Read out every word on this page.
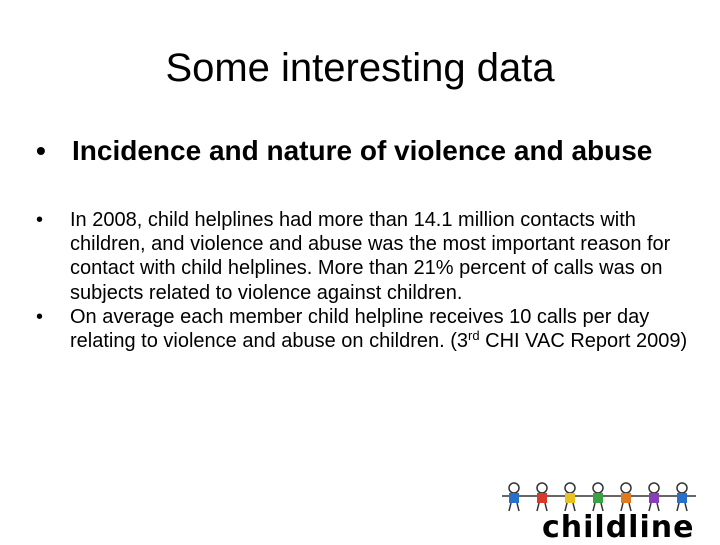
Some interesting data
• Incidence and nature of violence and abuse
•	In 2008, child helplines had more than 14.1 million contacts with children, and violence and abuse was the most important reason for contact with child helplines. More than 21% percent of calls was on subjects related to violence against children.
•	On average each member child helpline receives 10 calls per day relating to violence and abuse on children. (3rd CHI VAC Report 2009)
childline
